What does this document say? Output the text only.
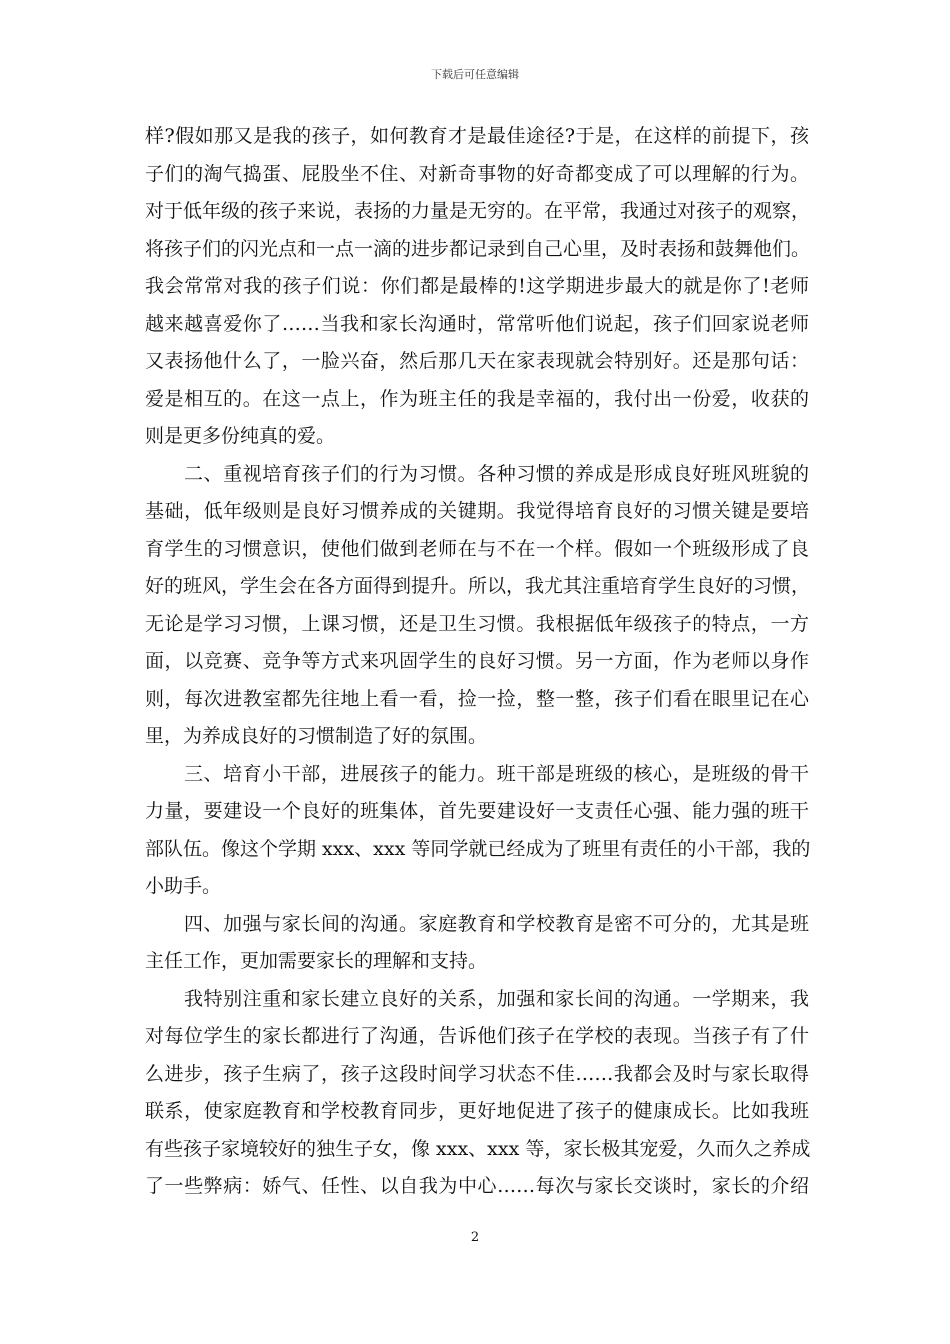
下载后可任意编辑
样?假如那又是我的孩子，如何教育才是最佳途径?于是，在这样的前提下，孩
子们的淘气捣蛋、屁股坐不住、对新奇事物的好奇都变成了可以理解的行为。
对于低年级的孩子来说，表扬的力量是无穷的。在平常，我通过对孩子的观察，
将孩子们的闪光点和一点一滴的进步都记录到自己心里，及时表扬和鼓舞他们。
我会常常对我的孩子们说：你们都是最棒的!这学期进步最大的就是你了!老师
越来越喜爱你了……当我和家长沟通时，常常听他们说起，孩子们回家说老师
又表扬他什么了，一脸兴奋，然后那几天在家表现就会特别好。还是那句话：
爱是相互的。在这一点上，作为班主任的我是幸福的，我付出一份爱，收获的
则是更多份纯真的爱。
二、重视培育孩子们的行为习惯。各种习惯的养成是形成良好班风班貌的
基础，低年级则是良好习惯养成的关键期。我觉得培育良好的习惯关键是要培
育学生的习惯意识，使他们做到老师在与不在一个样。假如一个班级形成了良
好的班风，学生会在各方面得到提升。所以，我尤其注重培育学生良好的习惯，
无论是学习习惯，上课习惯，还是卫生习惯。我根据低年级孩子的特点，一方
面，以竞赛、竞争等方式来巩固学生的良好习惯。另一方面，作为老师以身作
则，每次进教室都先往地上看一看，捡一捡，整一整，孩子们看在眼里记在心
里，为养成良好的习惯制造了好的氛围。
三、培育小干部，进展孩子的能力。班干部是班级的核心，是班级的骨干
力量，要建设一个良好的班集体，首先要建设好一支责任心强、能力强的班干
部队伍。像这个学期 xxx、xxx 等同学就已经成为了班里有责任的小干部，我的
小助手。
四、加强与家长间的沟通。家庭教育和学校教育是密不可分的，尤其是班
主任工作，更加需要家长的理解和支持。
我特别注重和家长建立良好的关系，加强和家长间的沟通。一学期来，我
对每位学生的家长都进行了沟通，告诉他们孩子在学校的表现。当孩子有了什
么进步，孩子生病了，孩子这段时间学习状态不佳……我都会及时与家长取得
联系，使家庭教育和学校教育同步，更好地促进了孩子的健康成长。比如我班
有些孩子家境较好的独生子女，像 xxx、xxx 等，家长极其宠爱，久而久之养成
了一些弊病：娇气、任性、以自我为中心……每次与家长交谈时，家长的介绍
2
